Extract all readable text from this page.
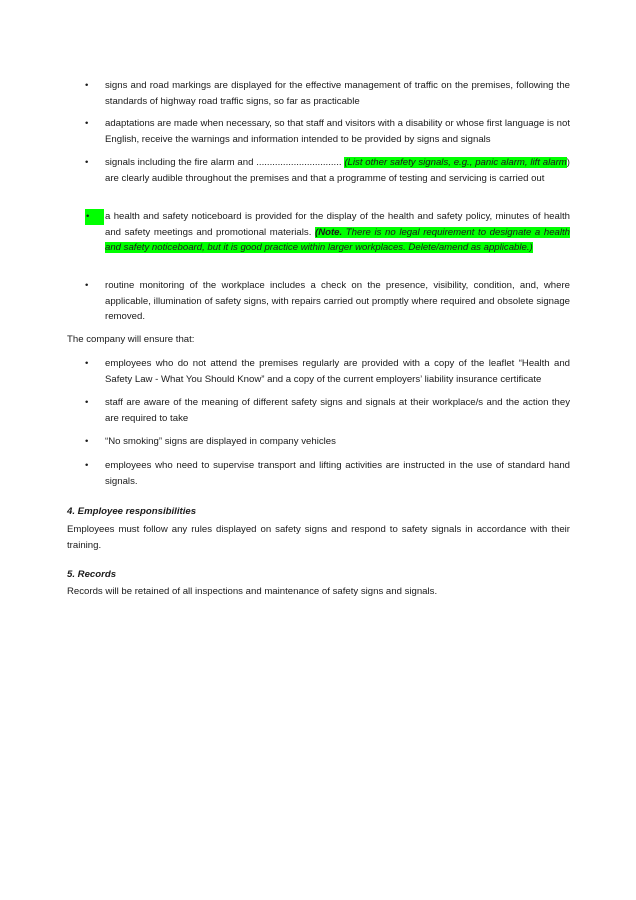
•	signs and road markings are displayed for the effective management of traffic on the premises, following the standards of highway road traffic signs, so far as practicable
•	adaptations are made when necessary, so that staff and visitors with a disability or whose first language is not English, receive the warnings and information intended to be provided by signs and signals
•	signals including the fire alarm and ................................ (List other safety signals, e.g., panic alarm, lift alarm) are clearly audible throughout the premises and that a programme of testing and servicing is carried out
•	a health and safety noticeboard is provided for the display of the health and safety policy, minutes of health and safety meetings and promotional materials. (Note. There is no legal requirement to designate a health and safety noticeboard, but it is good practice within larger workplaces. Delete/amend as applicable.)
•	routine monitoring of the workplace includes a check on the presence, visibility, condition, and, where applicable, illumination of safety signs, with repairs carried out promptly where required and obsolete signage removed.
The company will ensure that:
•	employees who do not attend the premises regularly are provided with a copy of the leaflet “Health and Safety Law - What You Should Know” and a copy of the current employers’ liability insurance certificate
•	staff are aware of the meaning of different safety signs and signals at their workplace/s and the action they are required to take
•	“No smoking” signs are displayed in company vehicles
•	employees who need to supervise transport and lifting activities are instructed in the use of standard hand signals.
4. Employee responsibilities
Employees must follow any rules displayed on safety signs and respond to safety signals in accordance with their training.
5. Records
Records will be retained of all inspections and maintenance of safety signs and signals.
